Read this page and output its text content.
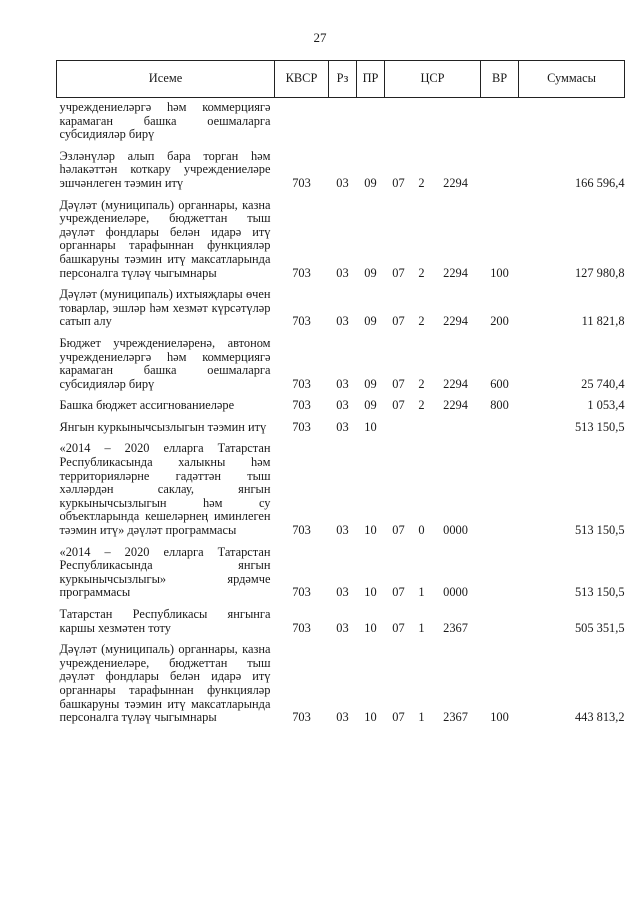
27
Исеме	КВСР	Рз	ПР	ЦСР			ВР	Суммасы
учреждениеләргә һәм коммерциягә карамаган башка оешмаларга субсидияләр бирү								
Эзләнүләр алып бара торган һәм һәлакәттән коткару учреждениеләре эшчәнлеген тәэмин итү	703	03	09	07	2	2294		166 596,4
Дәүләт (муниципаль) органнары, казна учреждениеләре, бюджеттан тыш дәүләт фондлары белән идарә итү органнары тарафыннан функцияләр башкаруны тәэмин итү максатларында персоналга түләү чыгымнары	703	03	09	07	2	2294	100	127 980,8
Дәүләт (муниципаль) ихтыяҗлары өчен товарлар, эшләр һәм хезмәт күрсәтүләр сатып алу	703	03	09	07	2	2294	200	11 821,8
Бюджет учреждениеләренә, автоном учреждениеләргә һәм коммерциягә карамаган башка оешмаларга субсидияләр бирү	703	03	09	07	2	2294	600	25 740,4
Башка бюджет ассигнованиеләре	703	03	09	07	2	2294	800	1 053,4
Янгын куркынычсызлыгын тәэмин итү	703	03	10					513 150,5
«2014 – 2020 елларга Татарстан Республикасында халыкны һәм территорияләрне гадәттән тыш хәлләрдән саклау, янгын куркынычсызлыгын һәм су объектларында кешеләрнең иминлеген тәэмин итү» дәүләт программасы	703	03	10	07	0	0000		513 150,5
«2014 – 2020 елларга Татарстан Республикасында янгын куркынычсызлыгы» ярдәмче программасы	703	03	10	07	1	0000		513 150,5
Татарстан Республикасы янгынга каршы хезмәтен тоту	703	03	10	07	1	2367		505 351,5
Дәүләт (муниципаль) органнары, казна учреждениеләре, бюджеттан тыш дәүләт фондлары белән идарә итү органнары тарафыннан функцияләр башкаруны тәэмин итү максатларында персоналга түләү чыгымнары	703	03	10	07	1	2367	100	443 813,2
